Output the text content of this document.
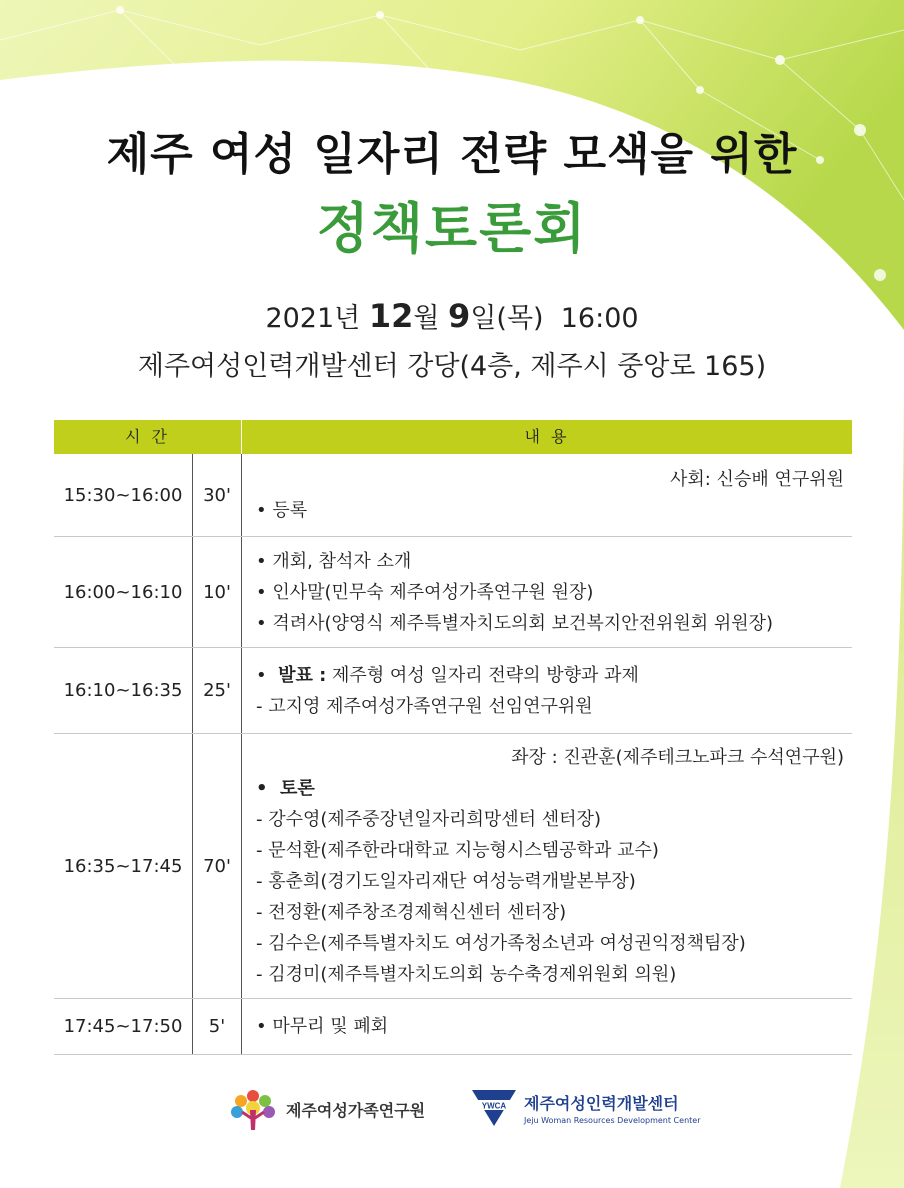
제주 여성 일자리 전략 모색을 위한
정책토론회
2021년 12월 9일(목) 16:00
제주여성인력개발센터 강당(4층, 제주시 중앙로 165)
시 간	내 용
15:30~16:00	30'
사회: 신승배 연구위원
• 등록
16:00~16:10	10'
• 개회, 참석자 소개
• 인사말(민무숙 제주여성가족연구원 원장)
• 격려사(양영식 제주특별자치도의회 보건복지안전위원회 위원장)
16:10~16:35	25'
•  발표 : 제주형 여성 일자리 전략의 방향과 과제
- 고지영 제주여성가족연구원 선임연구위원
16:35~17:45	70'
좌장 : 진관훈(제주테크노파크 수석연구원)
•  토론
- 강수영(제주중장년일자리희망센터 센터장)
- 문석환(제주한라대학교 지능형시스템공학과 교수)
- 홍춘희(경기도일자리재단 여성능력개발본부장)
- 전정환(제주창조경제혁신센터 센터장)
- 김수은(제주특별자치도 여성가족청소년과 여성권익정책팀장)
- 김경미(제주특별자치도의회 농수축경제위원회 의원)
17:45~17:50	5'	• 마무리 및 폐회
제주여성가족연구원	YWCA 제주여성인력개발센터
Jeju Woman Resources Development Center
